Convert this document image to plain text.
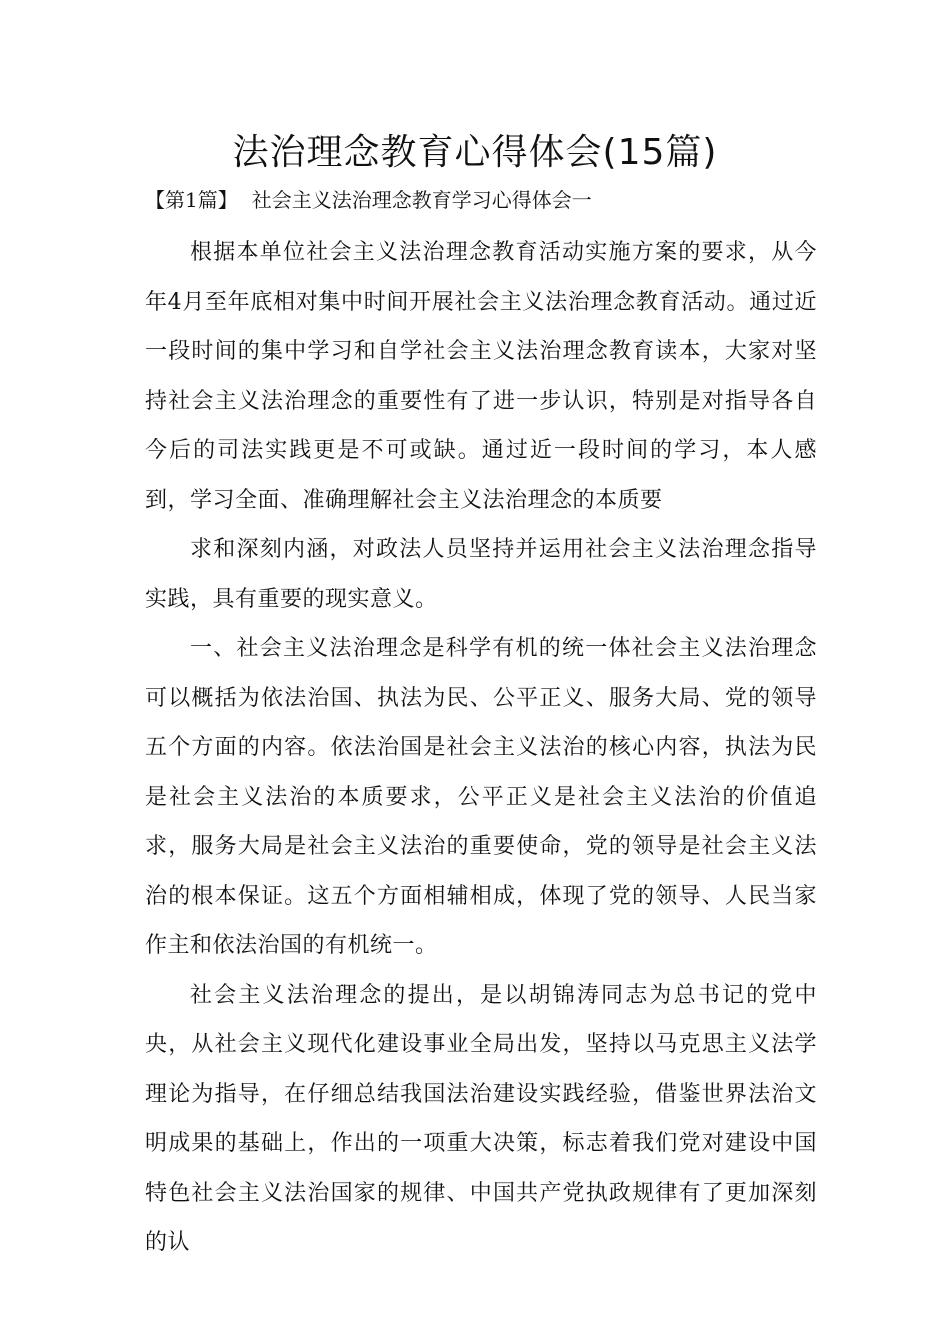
法治理念教育心得体会(15篇)
【第1篇】 社会主义法治理念教育学习心得体会一

根据本单位社会主义法治理念教育活动实施方案的要求，从今年4月至年底相对集中时间开展社会主义法治理念教育活动。通过近一段时间的集中学习和自学社会主义法治理念教育读本，大家对坚持社会主义法治理念的重要性有了进一步认识，特别是对指导各自今后的司法实践更是不可或缺。通过近一段时间的学习，本人感到，学习全面、准确理解社会主义法治理念的本质要

求和深刻内涵，对政法人员坚持并运用社会主义法治理念指导实践，具有重要的现实意义。

一、社会主义法治理念是科学有机的统一体社会主义法治理念可以概括为依法治国、执法为民、公平正义、服务大局、党的领导五个方面的内容。依法治国是社会主义法治的核心内容，执法为民是社会主义法治的本质要求，公平正义是社会主义法治的价值追求，服务大局是社会主义法治的重要使命，党的领导是社会主义法治的根本保证。这五个方面相辅相成，体现了党的领导、人民当家作主和依法治国的有机统一。

社会主义法治理念的提出，是以胡锦涛同志为总书记的党中央，从社会主义现代化建设事业全局出发，坚持以马克思主义法学理论为指导，在仔细总结我国法治建设实践经验，借鉴世界法治文明成果的基础上，作出的一项重大决策，标志着我们党对建设中国特色社会主义法治国家的规律、中国共产党执政规律有了更加深刻的认
